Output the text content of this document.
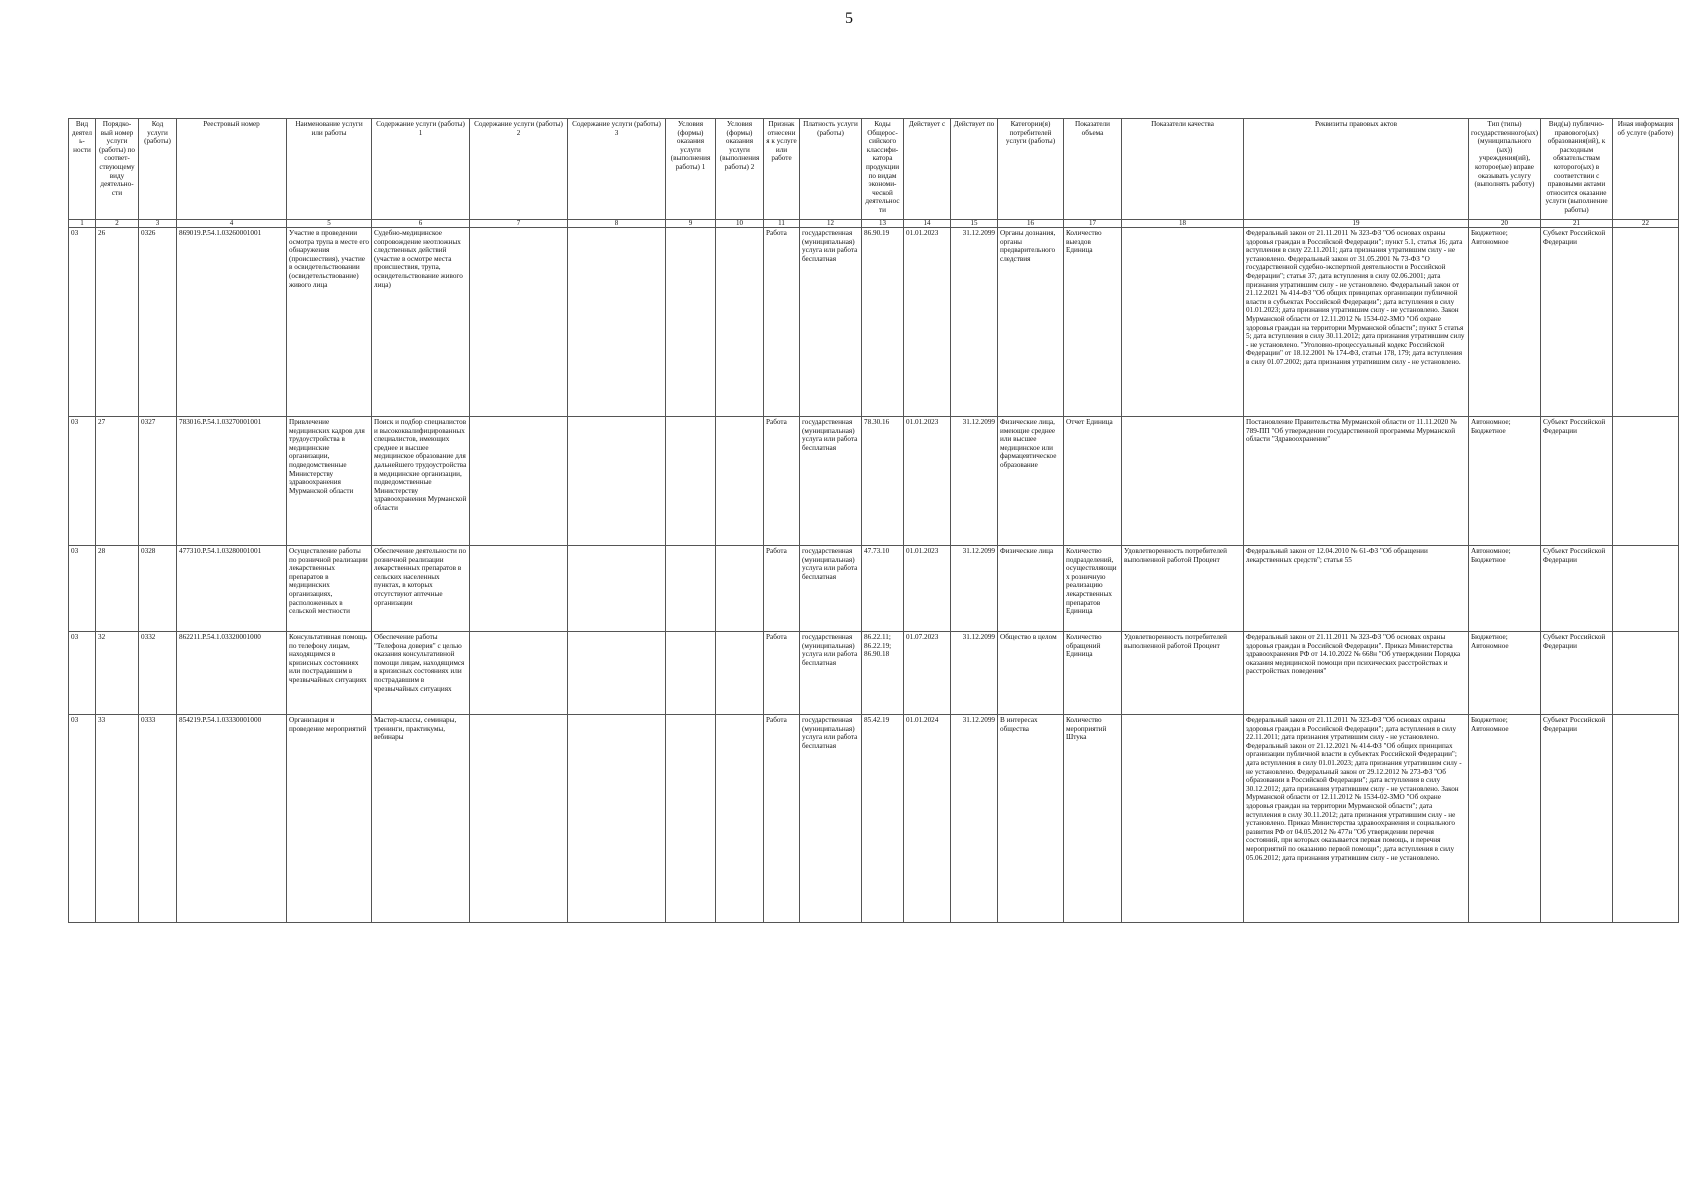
5
Вид деятель-ности	Порядко-вый номер услуги (работы) по соответ-ствующему виду деятельно-сти	Код услуги (работы)	Реестровый номер	Наименование услуги или работы	Содержание услуги (работы) 1	Содержание услуги (работы) 2	Содержание услуги (работы) 3	Условия (формы) оказания услуги (выполнения работы) 1	Условия (формы) оказания услуги (выполнения работы) 2	Признак отнесения к услуге или работе	Платность услуги (работы)	Коды Общерос-сийского классифи-катора продукции по видам экономи-ческой деятельности	Действует с	Действует по	Категории(я) потребителей услуги (работы)	Показатели объема	Показатели качества	Реквизиты правовых актов	Тип (типы) государственного(ых) (муниципального (ых)) учреждения(ий), которое(ые) вправе оказывать услугу (выполнять работу)	Вид(ы) публично-правового(ых) образования(ий), к расходным обязательствам которого(ых) в соответствии с правовыми актами относится оказание услуги (выполнение работы)	Иная информация об услуге (работе)
1	2	3	4	5	6	7	8	9	10	11	12	13	14	15	16	17	18	19	20	21	22
03	26	0326	869019.Р.54.1.03260001001	Участие в проведении осмотра трупа в месте его обнаружения (происшествия), участие в освидетельствовании (освидетельствование) живого лица	Судебно-медицинское сопровождение неотложных следственных действий (участие в осмотре места происшествия, трупа, освидетельствование живого лица)					Работа	государственная (муниципальная) услуга или работа бесплатная	86.90.19	01.01.2023	31.12.2099	Органы дознания, органы предварительного следствия	Количество выездов Единица		Федеральный закон от 21.11.2011 № 323-ФЗ "Об основах охраны здоровья граждан в Российской Федерации"; пункт 5.1, статья 16; дата вступления в силу 22.11.2011; дата признания утратившим силу - не установлено. Федеральный закон от 31.05.2001 № 73-ФЗ "О государственной судебно-экспертной деятельности в Российской Федерации"; статья 37; дата вступления в силу 02.06.2001; дата признания утратившим силу - не установлено. Федеральный закон от 21.12.2021 № 414-ФЗ "Об общих принципах организации публичной власти в субъектах Российской Федерации"; дата вступления в силу 01.01.2023; дата признания утратившим силу - не установлено. Закон Мурманской области от 12.11.2012 № 1534-02-ЗМО "Об охране здоровья граждан на территории Мурманской области"; пункт 5 статья 5; дата вступления в силу 30.11.2012; дата признания утратившим силу - не установлено. "Уголовно-процессуальный кодекс Российской Федерации" от 18.12.2001 № 174-ФЗ, статьи 178, 179; дата вступления в силу 01.07.2002; дата признания утратившим силу - не установлено.	Бюджетное; Автономное	Субъект Российской Федерации	
03	27	0327	783016.Р.54.1.03270001001	Привлечение медицинских кадров для трудоустройства в медицинские организации, подведомственные Министерству здравоохранения Мурманской области	Поиск и подбор специалистов и высококвалифицированных специалистов, имеющих среднее и высшее медицинское образование для дальнейшего трудоустройства в медицинские организации, подведомственные Министерству здравоохранения Мурманской области					Работа	государственная (муниципальная) услуга или работа бесплатная	78.30.16	01.01.2023	31.12.2099	Физические лица, имеющие среднее или высшее медицинское или фармацевтическое образование	Отчет Единица		Постановление Правительства Мурманской области от 11.11.2020 № 789-ПП "Об утверждении государственной программы Мурманской области "Здравоохранение"	Автономное; Бюджетное	Субъект Российской Федерации	
03	28	0328	477310.Р.54.1.03280001001	Осуществление работы по розничной реализации лекарственных препаратов в медицинских организациях, расположенных в сельской местности	Обеспечение деятельности по розничной реализации лекарственных препаратов в сельских населенных пунктах, в которых отсутствуют аптечные организации					Работа	государственная (муниципальная) услуга или работа бесплатная	47.73.10	01.01.2023	31.12.2099	Физические лица	Количество подразделений, осуществляющих розничную реализацию лекарственных препаратов Единица	Удовлетворенность потребителей выполненной работой Процент	Федеральный закон от 12.04.2010 № 61-ФЗ "Об обращении лекарственных средств"; статья 55	Автономное; Бюджетное	Субъект Российской Федерации	
03	32	0332	862211.Р.54.1.03320001000	Консультативная помощь по телефону лицам, находящимся в кризисных состояниях или пострадавшим в чрезвычайных ситуациях	Обеспечение работы "Телефона доверия" с целью оказания консультативной помощи лицам, находящимся в кризисных состояниях или пострадавшим в чрезвычайных ситуациях					Работа	государственная (муниципальная) услуга или работа бесплатная	86.22.11; 86.22.19; 86.90.18	01.07.2023	31.12.2099	Общество в целом	Количество обращений Единица	Удовлетворенность потребителей выполненной работой Процент	Федеральный закон от 21.11.2011 № 323-ФЗ "Об основах охраны здоровья граждан в Российской Федерации". Приказ Министерства здравоохранения РФ от 14.10.2022 № 668н "Об утверждении Порядка оказания медицинской помощи при психических расстройствах и расстройствах поведения"	Бюджетное; Автономное	Субъект Российской Федерации	
03	33	0333	854219.Р.54.1.03330001000	Организация и проведение мероприятий	Мастер-классы, семинары, тренинги, практикумы, вебинары					Работа	государственная (муниципальная) услуга или работа бесплатная	85.42.19	01.01.2024	31.12.2099	В интересах общества	Количество мероприятий Штука		Федеральный закон от 21.11.2011 № 323-ФЗ "Об основах охраны здоровья граждан в Российской Федерации"; дата вступления в силу 22.11.2011; дата признания утратившим силу - не установлено. Федеральный закон от 21.12.2021 № 414-ФЗ "Об общих принципах организации публичной власти в субъектах Российской Федерации"; дата вступления в силу 01.01.2023; дата признания утратившим силу - не установлено. Федеральный закон от 29.12.2012 № 273-ФЗ "Об образовании в Российской Федерации"; дата вступления в силу 30.12.2012; дата признания утратившим силу - не установлено. Закон Мурманской области от 12.11.2012 № 1534-02-ЗМО "Об охране здоровья граждан на территории Мурманской области"; дата вступления в силу 30.11.2012; дата признания утратившим силу - не установлено. Приказ Министерства здравоохранения и социального развития РФ от 04.05.2012 № 477н "Об утверждении перечня состояний, при которых оказывается первая помощь, и перечня мероприятий по оказанию первой помощи"; дата вступления в силу 05.06.2012; дата признания утратившим силу - не установлено.	Бюджетное; Автономное	Субъект Российской Федерации	
